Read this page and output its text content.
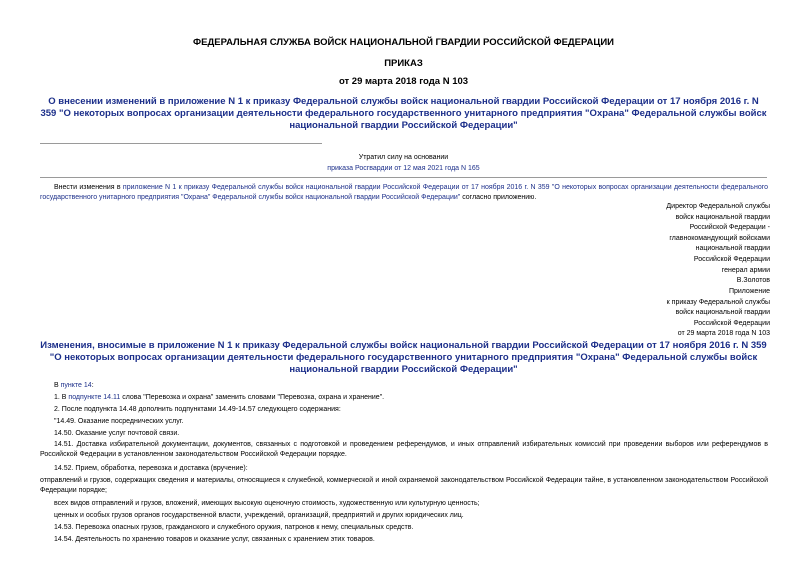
ФЕДЕРАЛЬНАЯ СЛУЖБА ВОЙСК НАЦИОНАЛЬНОЙ ГВАРДИИ РОССИЙСКОЙ ФЕДЕРАЦИИ
ПРИКАЗ
от 29 марта 2018 года N 103
О внесении изменений в приложение N 1 к приказу Федеральной службы войск национальной гвардии Российской Федерации от 17 ноября 2016 г. N 359 "О некоторых вопросах организации деятельности федерального государственного унитарного предприятия "Охрана" Федеральной службы войск национальной гвардии Российской Федерации"
Утратил силу на основании
приказа Росгвардии от 12 мая 2021 года N 165
Внести изменения в приложение N 1 к приказу Федеральной службы войск национальной гвардии Российской Федерации от 17 ноября 2016 г. N 359 "О некоторых вопросах организации деятельности федерального государственного унитарного предприятия "Охрана" Федеральной службы войск национальной гвардии Российской Федерации" согласно приложению.
Директор Федеральной службы
войск национальной гвардии
Российской Федерации -
главнокомандующий войсками
национальной гвардии
Российской Федерации
генерал армии
В.Золотов
Приложение
к приказу Федеральной службы
войск национальной гвардии
Российской Федерации
от 29 марта 2018 года N 103
Изменения, вносимые в приложение N 1 к приказу Федеральной службы войск национальной гвардии Российской Федерации от 17 ноября 2016 г. N 359 "О некоторых вопросах организации деятельности федерального государственного унитарного предприятия "Охрана" Федеральной службы войск национальной гвардии Российской Федерации"
В пункте 14:
1. В подпункте 14.11 слова "Перевозка и охрана" заменить словами "Перевозка, охрана и хранение".
2. После подпункта 14.48 дополнить подпунктами 14.49-14.57 следующего содержания:
"14.49. Оказание посреднических услуг.
14.50. Оказание услуг почтовой связи.
14.51. Доставка избирательной документации, документов, связанных с подготовкой и проведением референдумов, и иных отправлений избирательных комиссий при проведении выборов или референдумов в Российской Федерации в установленном законодательством Российской Федерации порядке.
14.52. Прием, обработка, перевозка и доставка (вручение):
отправлений и грузов, содержащих сведения и материалы, относящиеся к служебной, коммерческой и иной охраняемой законодательством Российской Федерации тайне, в установленном законодательством Российской Федерации порядке;
всех видов отправлений и грузов, вложений, имеющих высокую оценочную стоимость, художественную или культурную ценность;
ценных и особых грузов органов государственной власти, учреждений, организаций, предприятий и других юридических лиц.
14.53. Перевозка опасных грузов, гражданского и служебного оружия, патронов к нему, специальных средств.
14.54. Деятельность по хранению товаров и оказание услуг, связанных с хранением этих товаров.
